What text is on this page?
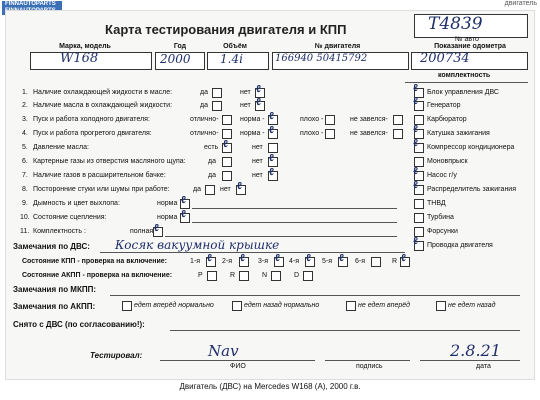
FINNAUTOPARTS	двигатель
Карта тестирования двигателя и КПП	Т4839
№ авто
Марка, модель	Год	Объём	№ двигателя	Показание одометра
W168	2000 1.4i	166940 50415792	200734
комплектность
1. Наличие охлаждающей жидкости в масле:	да	нет ℓ
2. Наличие масла в охлаждающей жидкости:	да	нет ℓ
3. Пуск и работа холодного двигателя:	отлично-	норма - ℓ	плохо -	не завелся-
4. Пуск и работа прогретого двигателя:	отлично-	норма - ℓ	плохо -	не завелся-
5. Давление масла:	есть ℓ	нет
6. Картерные газы из отверстия масляного щупа:	да	нет ℓ
7. Наличие газов в расширительном бачке:	да	нет ℓ
8. Посторонние стуки или шумы при работе:	да	нет ℓ
9. Дымность и цвет выхлопа:	норма ℓ
10. Состояние сцепления:	норма ℓ
11. Комплектность :	полная ℓ
ℓ Блок управления ДВС
ℓ Генератор
Карбюратор
ℓ Катушка зажигания
ℓ Компрессор кондиционера
Моновпрыск
ℓ Насос г/у
ℓ Распределитель зажигания
ТНВД
Турбина
Форсунки
ℓ Проводка двигателя
Замечания по ДВС: Косяк вакуумной крышке
Состояние КПП - проверка на включение:	1-я ℓ 2-я ℓ 3-я ℓ 4-я ℓ 5-я ℓ 6-я	R ℓ
Состояние АКПП - проверка на включение:	P	R	N	D
Замечания по МКПП:
Замечания по АКПП:	едет вперёд нормально	едет назад нормально	не едет вперёд	не едет назад
Снято с ДВС (по согласованию!):
Тестировал:	Nav	2.8.21
ФИО	подпись	дата
Двигатель (ДВС) на Mercedes W168 (A), 2000 г.в.
